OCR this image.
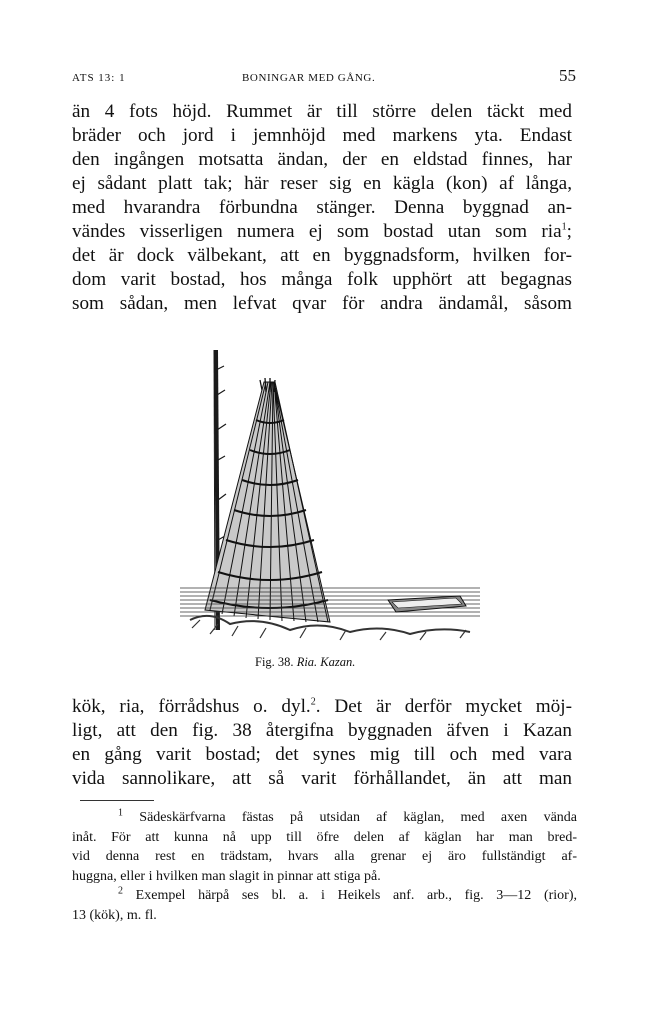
ATS 13: 1	BONINGAR MED GÅNG.	55
än 4 fots höjd. Rummet är till större delen täckt med
bräder och jord i jemnhöjd med markens yta. Endast
den ingången motsatta ändan, der en eldstad finnes, har
ej sådant platt tak; här reser sig en kägla (kon) af långa,
med hvarandra förbundna stänger. Denna byggnad an-
vändes visserligen numera ej som bostad utan som ria$^1$;
det är dock välbekant, att en byggnadsform, hvilken for-
dom varit bostad, hos många folk upphört att begagnas
som sådan, men lefvat qvar för andra ändamål, såsom
Fig. 38. Ria. Kazan.
kök, ria, förrådshus o. dyl.$^2$. Det är derför mycket möj-
ligt, att den fig. 38 återgifna byggnaden äfven i Kazan
en gång varit bostad; det synes mig till och med vara
vida sannolikare, att så varit förhållandet, än att man
$^1$ Sädeskärfvarna fästas på utsidan af käglan, med axen vända
inåt. För att kunna nå upp till öfre delen af käglan har man bred-
vid denna rest en trädstam, hvars alla grenar ej äro fullständigt af-
huggna, eller i hvilken man slagit in pinnar att stiga på.
$^2$ Exempel härpå ses bl. a. i Heikels anf. arb., fig. 3—12 (rior),
13 (kök), m. fl.
